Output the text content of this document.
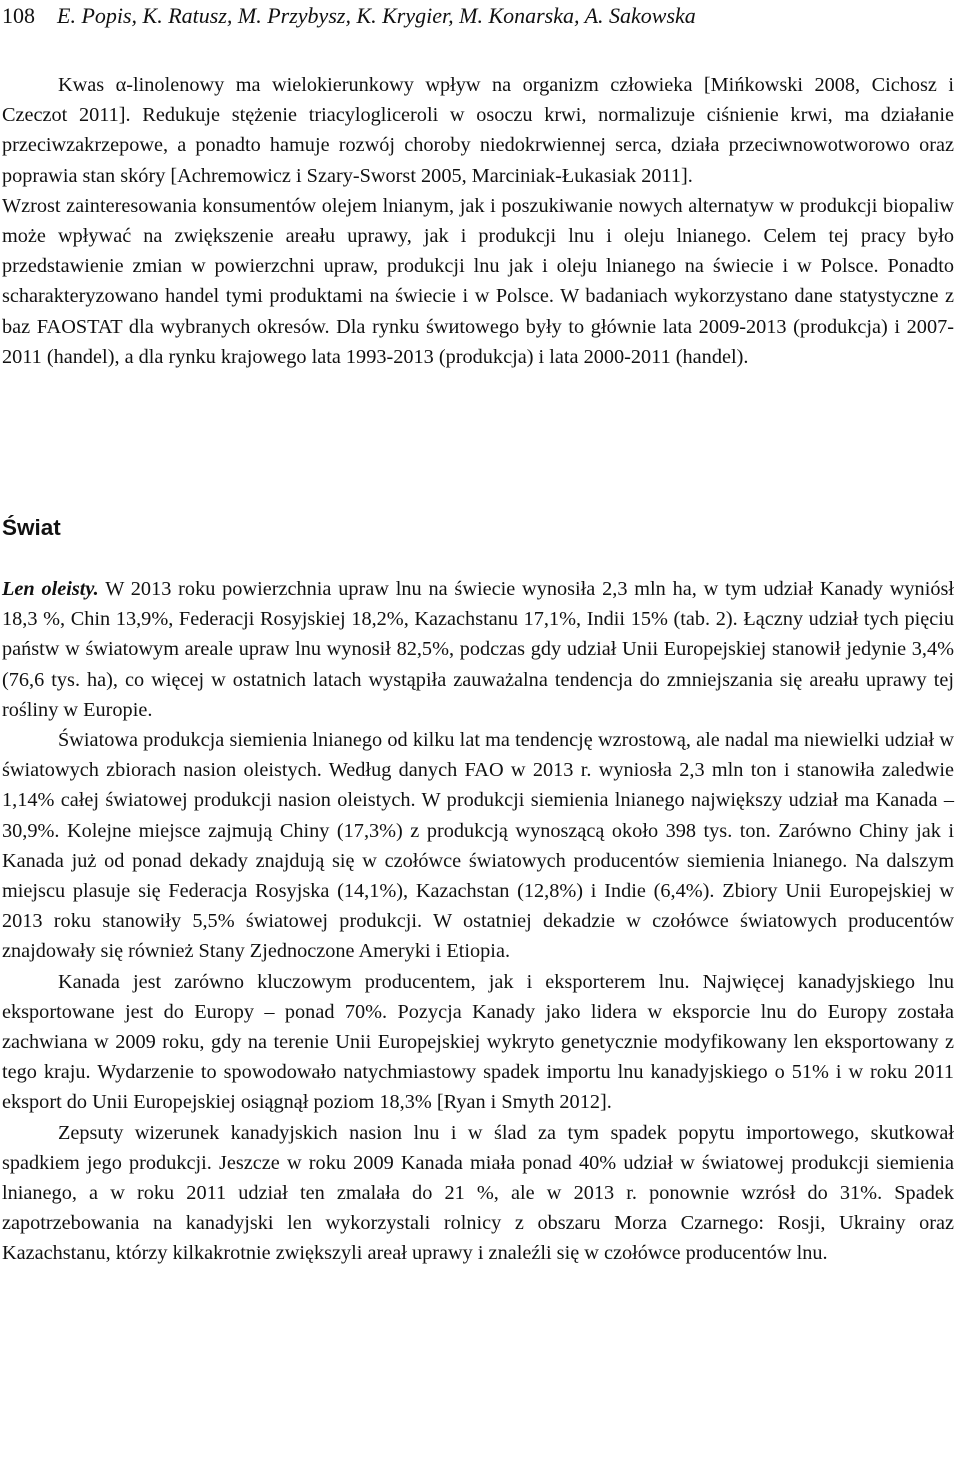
108 E. Popis, K. Ratusz, M. Przybysz, K. Krygier, M. Konarska, A. Sakowska

Kwas α-linolenowy ma wielokierunkowy wpływ na organizm człowieka [Mińkowski 2008, Cichosz i Czeczot 2011]. Redukuje stężenie triacylogliceroli w osoczu krwi, normalizuje ciśnienie krwi, ma działanie przeciwzakrzepowe, a ponadto hamuje rozwój choroby niedokrwiennej serca, działa przeciwnowotworowo oraz poprawia stan skóry [Achremowicz i Szary-Sworst 2005, Marciniak-Łukasiak 2011].

Wzrost zainteresowania konsumentów olejem lnianym, jak i poszukiwanie nowych alternatyw w produkcji biopaliw może wpływać na zwiększenie areału uprawy, jak i produkcji lnu i oleju lnianego. Celem tej pracy było przedstawienie zmian w powierzchni upraw, produkcji lnu jak i oleju lnianego na świecie i w Polsce. Ponadto scharakteryzowano handel tymi produktami na świecie i w Polsce. W badaniach wykorzystano dane statystyczne z baz FAOSTAT dla wybranych okresów. Dla rynku śwиtowego były to głównie lata 2009-2013 (produkcja) i 2007-2011 (handel), a dla rynku krajowego lata 1993-2013 (produkcja) i lata 2000-2011 (handel).

Świat

Len oleisty. W 2013 roku powierzchnia upraw lnu na świecie wynosiła 2,3 mln ha, w tym udział Kanady wyniósł 18,3 %, Chin 13,9%, Federacji Rosyjskiej 18,2%, Kazachstanu 17,1%, Indii 15% (tab. 2). Łączny udział tych pięciu państw w światowym areale upraw lnu wynosił 82,5%, podczas gdy udział Unii Europejskiej stanowił jedynie 3,4% (76,6 tys. ha), co więcej w ostatnich latach wystąpiła zauważalna tendencja do zmniejszania się areału uprawy tej rośliny w Europie.

Światowa produkcja siemienia lnianego od kilku lat ma tendencję wzrostową, ale nadal ma niewielki udział w światowych zbiorach nasion oleistych. Według danych FAO w 2013 r. wyniosła 2,3 mln ton i stanowiła zaledwie 1,14% całej światowej produkcji nasion oleistych. W produkcji siemienia lnianego największy udział ma Kanada – 30,9%. Kolejne miejsce zajmują Chiny (17,3%) z produkcją wynoszącą około 398 tys. ton. Zarówno Chiny jak i Kanada już od ponad dekady znajdują się w czołówce światowych producentów siemienia lnianego. Na dalszym miejscu plasuje się Federacja Rosyjska (14,1%), Kazachstan (12,8%) i Indie (6,4%). Zbiory Unii Europejskiej w 2013 roku stanowiły 5,5% światowej produkcji. W ostatniej dekadzie w czołówce światowych producentów znajdowały się również Stany Zjednoczone Ameryki i Etiopia.

Kanada jest zarówno kluczowym producentem, jak i eksporterem lnu. Najwięcej kanadyjskiego lnu eksportowane jest do Europy – ponad 70%. Pozycja Kanady jako lidera w eksporcie lnu do Europy została zachwiana w 2009 roku, gdy na terenie Unii Europejskiej wykryto genetycznie modyfikowany len eksportowany z tego kraju. Wydarzenie to spowodowało natychmiastowy spadek importu lnu kanadyjskiego o 51% i w roku 2011 eksport do Unii Europejskiej osiągnął poziom 18,3% [Ryan i Smyth 2012].

Zepsuty wizerunek kanadyjskich nasion lnu i w ślad za tym spadek popytu importowego, skutkował spadkiem jego produkcji. Jeszcze w roku 2009 Kanada miała ponad 40% udział w światowej produkcji siemienia lnianego, a w roku 2011 udział ten zmalała do 21 %, ale w 2013 r. ponownie wzrósł do 31%. Spadek zapotrzebowania na kanadyjski len wykorzystali rolnicy z obszaru Morza Czarnego: Rosji, Ukrainy oraz Kazachstanu, którzy kilkakrotnie zwiększyli areał uprawy i znaleźli się w czołówce producentów lnu.
